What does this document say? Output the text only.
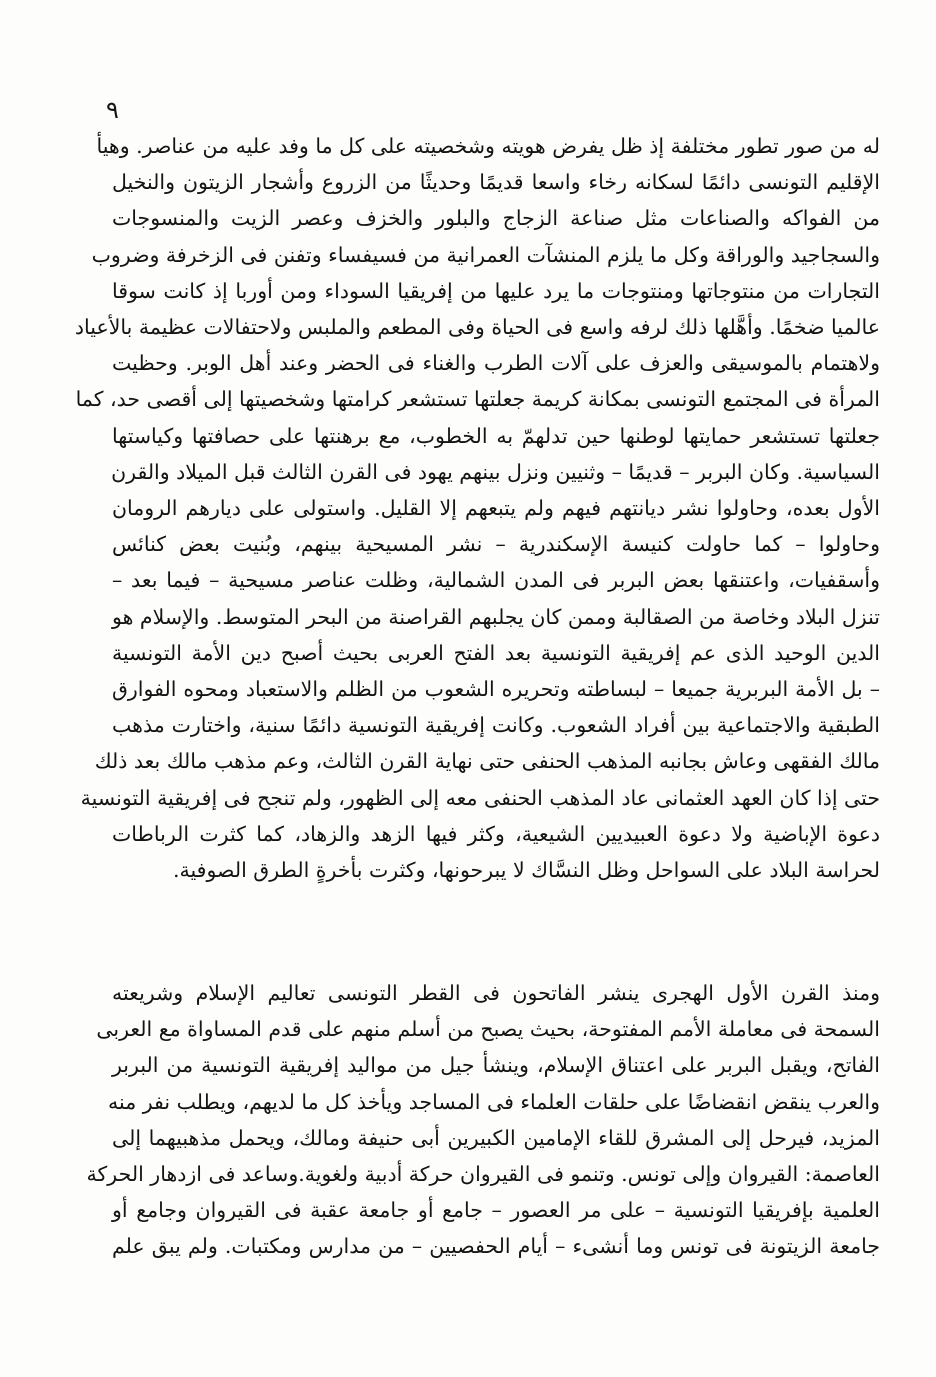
٩

له من صور تطور مختلفة إذ ظل يفرض هويته وشخصيته على كل ما وفد عليه من عناصر. وهيأ
الإقليم التونسى دائمًا لسكانه رخاء واسعا قديمًا وحديثًا من الزروع وأشجار الزيتون والنخيل
من الفواكه والصناعات مثل صناعة الزجاج والبلور والخزف وعصر الزيت والمنسوجات
والسجاجيد والوراقة وكل ما يلزم المنشآت العمرانية من فسيفساء وتفنن فى الزخرفة وضروب
التجارات من منتوجاتها ومنتوجات ما يرد عليها من إفريقيا السوداء ومن أوربا إذ كانت سوقا
عالميا ضخمًا. وأهَّلها ذلك لرفه واسع فى الحياة وفى المطعم والملبس ولاحتفالات عظيمة بالأعياد
ولاهتمام بالموسيقى والعزف على آلات الطرب والغناء فى الحضر وعند أهل الوبر. وحظيت
المرأة فى المجتمع التونسى بمكانة كريمة جعلتها تستشعر كرامتها وشخصيتها إلى أقصى حد، كما
جعلتها تستشعر حمايتها لوطنها حين تدلهمّ به الخطوب، مع برهنتها على حصافتها وكياستها
السياسية. وكان البربر – قديمًا – وثنيين ونزل بينهم يهود فى القرن الثالث قبل الميلاد والقرن
الأول بعده، وحاولوا نشر ديانتهم فيهم ولم يتبعهم إلا القليل. واستولى على ديارهم الرومان
وحاولوا – كما حاولت كنيسة الإسكندرية – نشر المسيحية بينهم، وبُنيت بعض كنائس
وأسقفيات، واعتنقها بعض البربر فى المدن الشمالية، وظلت عناصر مسيحية – فيما بعد –
تنزل البلاد وخاصة من الصقالبة وممن كان يجلبهم القراصنة من البحر المتوسط. والإسلام هو
الدين الوحيد الذى عم إفريقية التونسية بعد الفتح العربى بحيث أصبح دين الأمة التونسية
– بل الأمة البربرية جميعا – لبساطته وتحريره الشعوب من الظلم والاستعباد ومحوه الفوارق
الطبقية والاجتماعية بين أفراد الشعوب. وكانت إفريقية التونسية دائمًا سنية، واختارت مذهب
مالك الفقهى وعاش بجانبه المذهب الحنفى حتى نهاية القرن الثالث، وعم مذهب مالك بعد ذلك
حتى إذا كان العهد العثمانى عاد المذهب الحنفى معه إلى الظهور، ولم تنجح فى إفريقية التونسية
دعوة الإباضية ولا دعوة العبيديين الشيعية، وكثر فيها الزهد والزهاد، كما كثرت الرباطات
لحراسة البلاد على السواحل وظل النسَّاك لا يبرحونها، وكثرت بأخرةٍ الطرق الصوفية.

ومنذ القرن الأول الهجرى ينشر الفاتحون فى القطر التونسى تعاليم الإسلام وشريعته
السمحة فى معاملة الأمم المفتوحة، بحيث يصبح من أسلم منهم على قدم المساواة مع العربى
الفاتح، ويقبل البربر على اعتناق الإسلام، وينشأ جيل من مواليد إفريقية التونسية من البربر
والعرب ينقض انقضاضًا على حلقات العلماء فى المساجد ويأخذ كل ما لديهم، ويطلب نفر منه
المزيد، فيرحل إلى المشرق للقاء الإمامين الكبيرين أبى حنيفة ومالك، ويحمل مذهبيهما إلى
العاصمة: القيروان وإلى تونس. وتنمو فى القيروان حركة أدبية ولغوية.وساعد فى ازدهار الحركة
العلمية بإفريقيا التونسية – على مر العصور – جامع أو جامعة عقبة فى القيروان وجامع أو
جامعة الزيتونة فى تونس وما أنشىء – أيام الحفصيين – من مدارس ومكتبات. ولم يبق علم
